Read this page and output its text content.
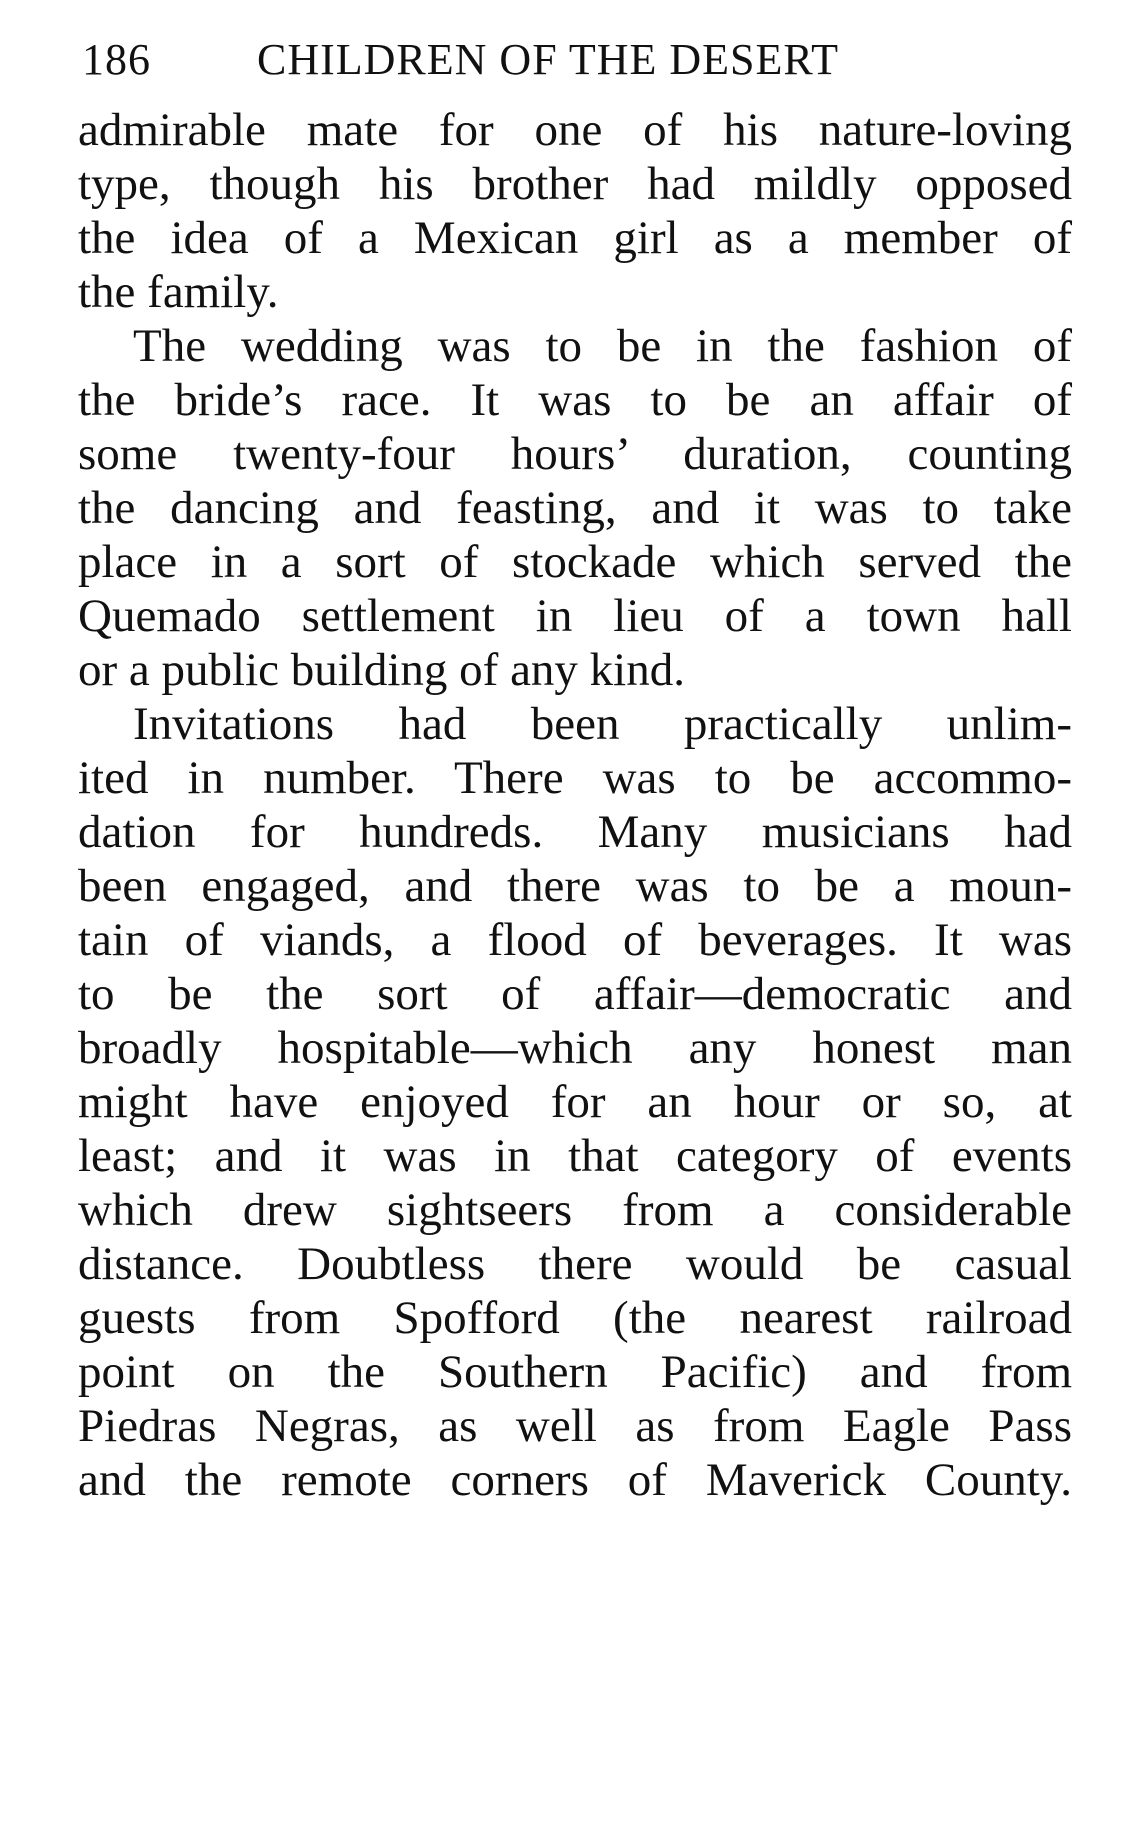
186 CHILDREN OF THE DESERT
admirable mate for one of his nature-loving
type, though his brother had mildly opposed
the idea of a Mexican girl as a member of
the family.
The wedding was to be in the fashion of
the bride’s race. It was to be an affair of
some twenty-four hours’ duration, counting
the dancing and feasting, and it was to take
place in a sort of stockade which served the
Quemado settlement in lieu of a town hall
or a public building of any kind.
Invitations had been practically unlim-
ited in number. There was to be accommo-
dation for hundreds. Many musicians had
been engaged, and there was to be a moun-
tain of viands, a flood of beverages. It was
to be the sort of affair—democratic and
broadly hospitable—which any honest man
might have enjoyed for an hour or so, at
least; and it was in that category of events
which drew sightseers from a considerable
distance. Doubtless there would be casual
guests from Spofford (the nearest railroad
point on the Southern Pacific) and from
Piedras Negras, as well as from Eagle Pass
and the remote corners of Maverick County.
